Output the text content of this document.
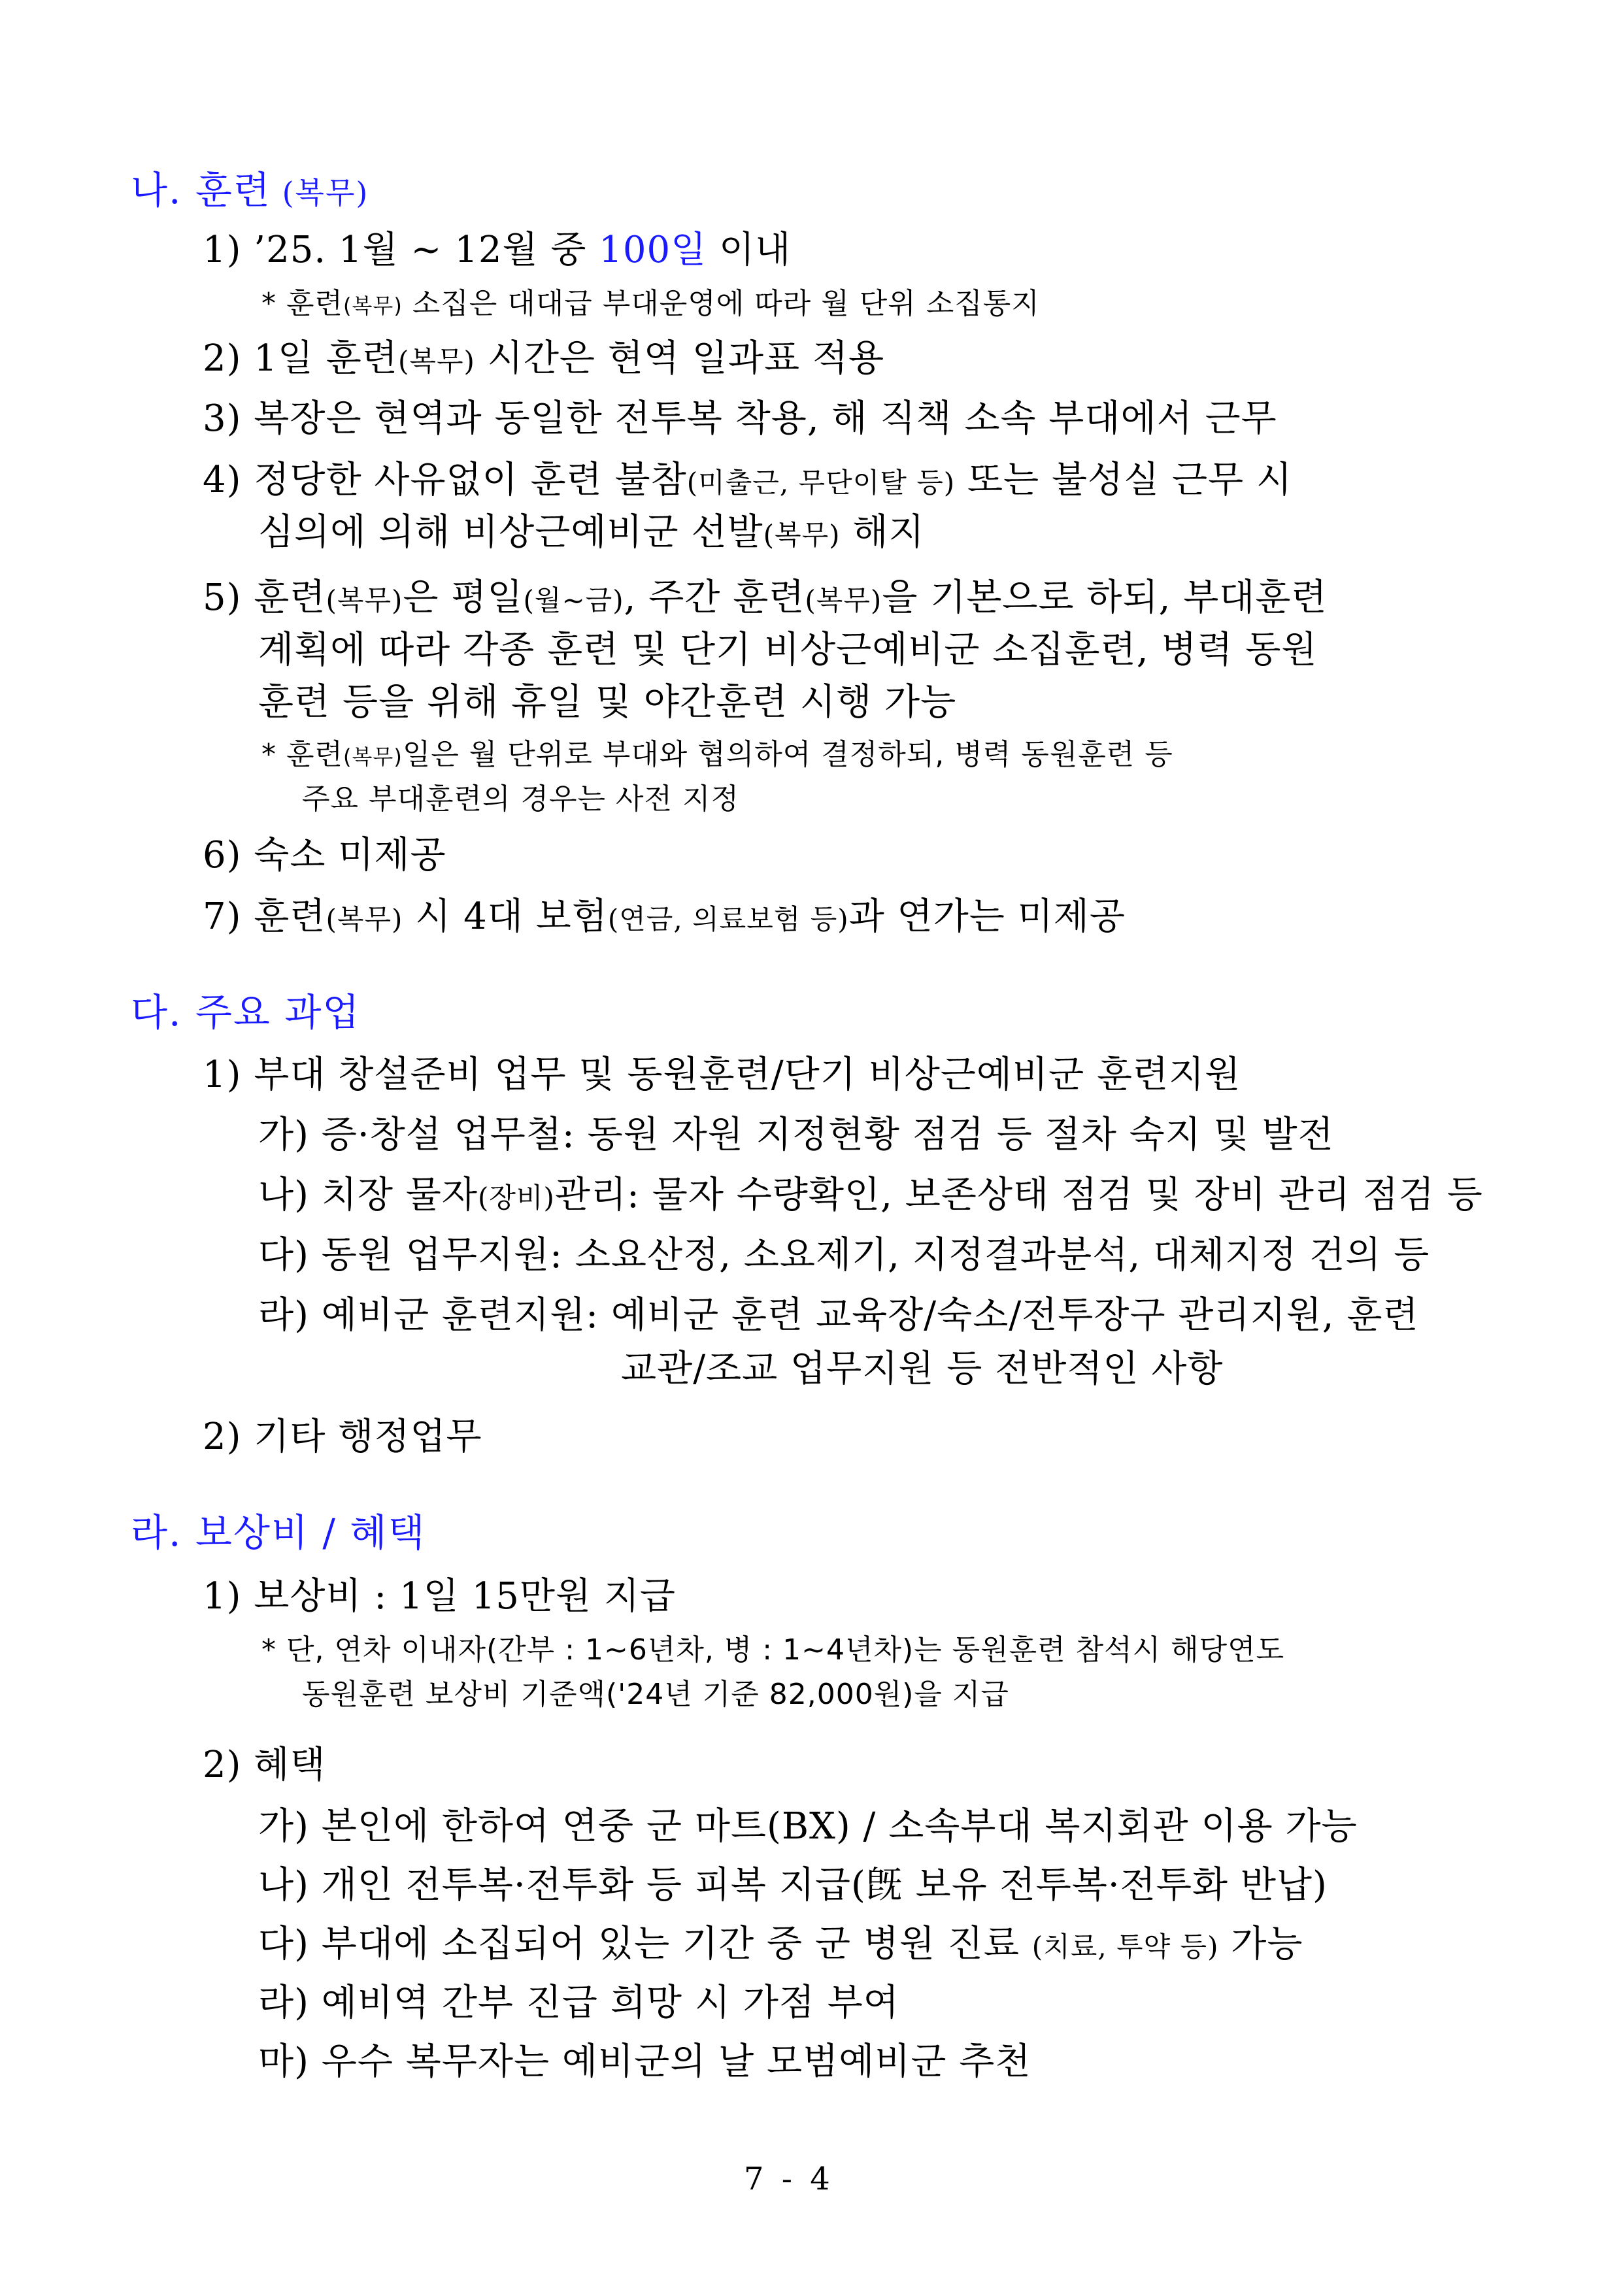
나. 훈련 (복무)
1) ’25. 1월 ~ 12월 중 100일 이내
* 훈련(복무) 소집은 대대급 부대운영에 따라 월 단위 소집통지
2) 1일 훈련(복무) 시간은 현역 일과표 적용
3) 복장은 현역과 동일한 전투복 착용, 해 직책 소속 부대에서 근무
4) 정당한 사유없이 훈련 불참(미출근, 무단이탈 등) 또는 불성실 근무 시
심의에 의해 비상근예비군 선발(복무) 해지
5) 훈련(복무)은 평일(월~금), 주간 훈련(복무)을 기본으로 하되, 부대훈련
계획에 따라 각종 훈련 및 단기 비상근예비군 소집훈련, 병력 동원
훈련 등을 위해 휴일 및 야간훈련 시행 가능
* 훈련(복무)일은 월 단위로 부대와 협의하여 결정하되, 병력 동원훈련 등
주요 부대훈련의 경우는 사전 지정
6) 숙소 미제공
7) 훈련(복무) 시 4대 보험(연금, 의료보험 등)과 연가는 미제공
다. 주요 과업
1) 부대 창설준비 업무 및 동원훈련/단기 비상근예비군 훈련지원
가) 증·창설 업무철: 동원 자원 지정현황 점검 등 절차 숙지 및 발전
나) 치장 물자(장비)관리: 물자 수량확인, 보존상태 점검 및 장비 관리 점검 등
다) 동원 업무지원: 소요산정, 소요제기, 지정결과분석, 대체지정 건의 등
라) 예비군 훈련지원: 예비군 훈련 교육장/숙소/전투장구 관리지원, 훈련
교관/조교 업무지원 등 전반적인 사항
2) 기타 행정업무
라. 보상비 / 혜택
1) 보상비 : 1일 15만원 지급
* 단, 연차 이내자(간부 : 1~6년차, 병 : 1~4년차)는 동원훈련 참석시 해당연도
동원훈련 보상비 기준액('24년 기준 82,000원)을 지급
2) 혜택
가) 본인에 한하여 연중 군 마트(BX) / 소속부대 복지회관 이용 가능
나) 개인 전투복·전투화 등 피복 지급(旣 보유 전투복·전투화 반납)
다) 부대에 소집되어 있는 기간 중 군 병원 진료 (치료, 투약 등) 가능
라) 예비역 간부 진급 희망 시 가점 부여
마) 우수 복무자는 예비군의 날 모범예비군 추천
7 - 4
